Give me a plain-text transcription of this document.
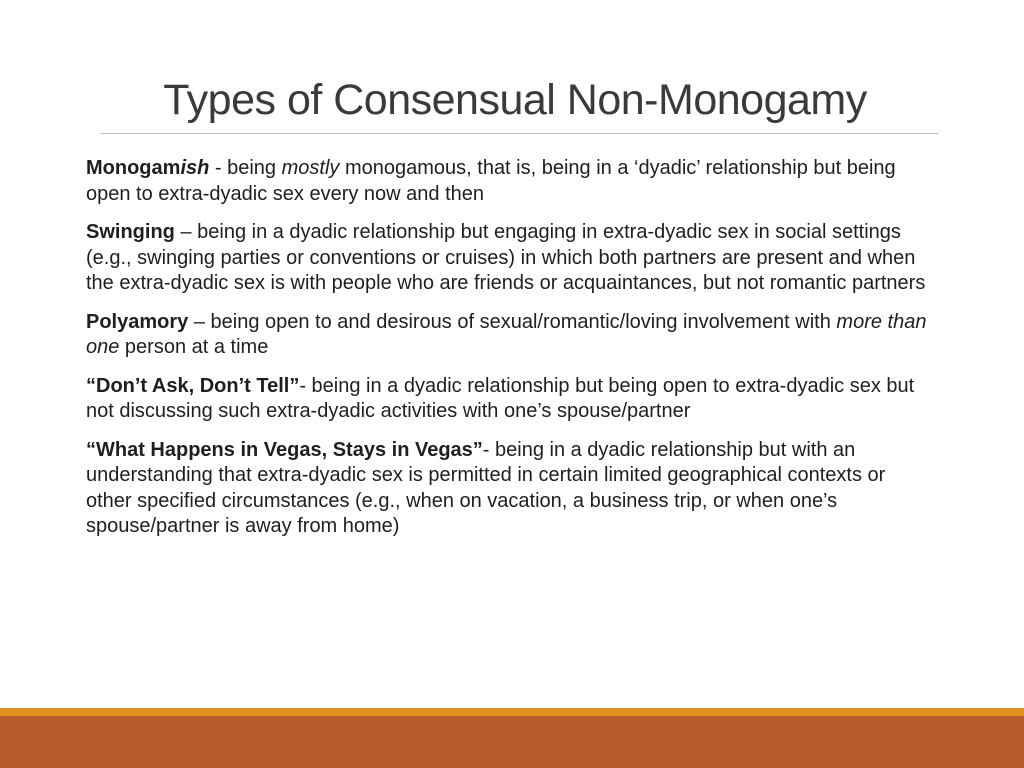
Types of Consensual Non-Monogamy

Monogamish - being mostly monogamous, that is, being in a ‘dyadic’ relationship but being open to extra-dyadic sex every now and then

Swinging – being in a dyadic relationship but engaging in extra-dyadic sex in social settings (e.g., swinging parties or conventions or cruises) in which both partners are present and when the extra-dyadic sex is with people who are friends or acquaintances, but not romantic partners

Polyamory – being open to and desirous of sexual/romantic/loving involvement with more than one person at a time

“Don’t Ask, Don’t Tell”- being in a dyadic relationship but being open to extra-dyadic sex but not discussing such extra-dyadic activities with one’s spouse/partner

“What Happens in Vegas, Stays in Vegas”- being in a dyadic relationship but with an understanding that extra-dyadic sex is permitted in certain limited geographical contexts or other specified circumstances (e.g., when on vacation, a business trip, or when one’s spouse/partner is away from home)
